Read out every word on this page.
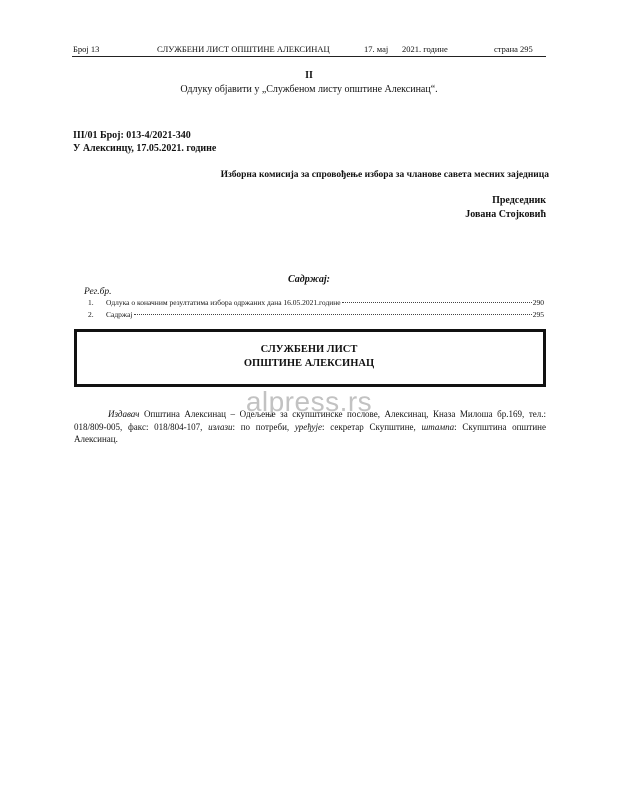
Број 13	СЛУЖБЕНИ ЛИСТ ОПШТИНЕ АЛЕКСИНАЦ	17. мај 2021. године	страна 295
II
Одлуку објавити у „Службеном листу општине Алексинац“.
III/01 Број: 013-4/2021-340
У Алексинцу, 17.05.2021. године
Изборна комисија за спровођење избора за чланове савета месних заједница
Председник
Јована Стојковић
Садржај:
Рег.бр.
1.	Одлука о коначним резултатима избора одржаних дана 16.05.2021.године	290
2.	Садржај	295
СЛУЖБЕНИ ЛИСТ
ОПШТИНЕ АЛЕКСИНАЦ
alpress.rs
Издавач Општина Алексинац – Одељење за скупштинске послове, Алексинац, Кназа Милоша бр.169, тел.: 018/809-005, факс: 018/804-107, излази: по потреби, уређује: секретар Скупштине, штампа: Скупштина општине Алексинац.
